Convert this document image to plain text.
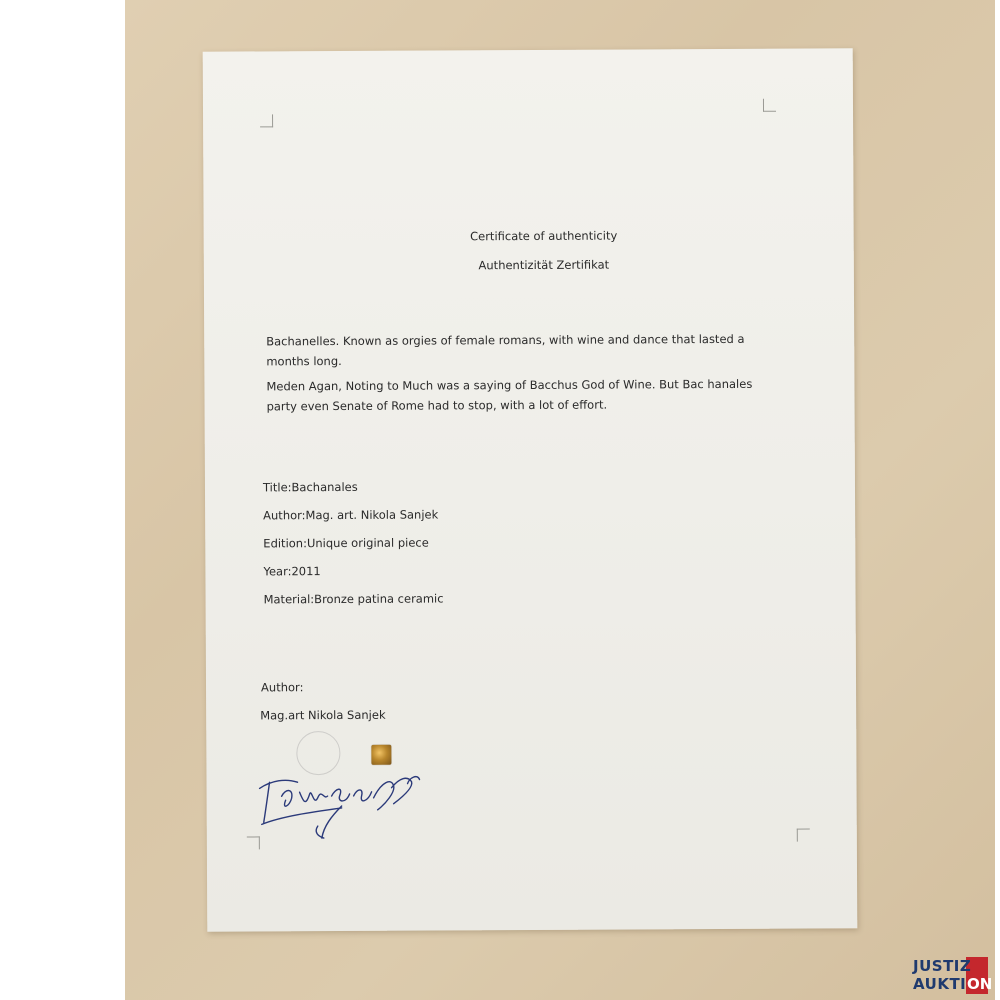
Certificate of authenticity
Authentizität Zertifikat
Bachanelles. Known as orgies of female romans, with wine and dance that lasted a months long.
Meden Agan, Noting to Much was a saying of Bacchus God of Wine. But Bac hanales party even Senate of Rome had to stop, with a lot of effort.
Title:Bachanales
Author:Mag. art. Nikola Sanjek
Edition:Unique original piece
Year:2011
Material:Bronze patina ceramic
Author:
Mag.art Nikola Sanjek
JUSTIZ
AUKTI ON
